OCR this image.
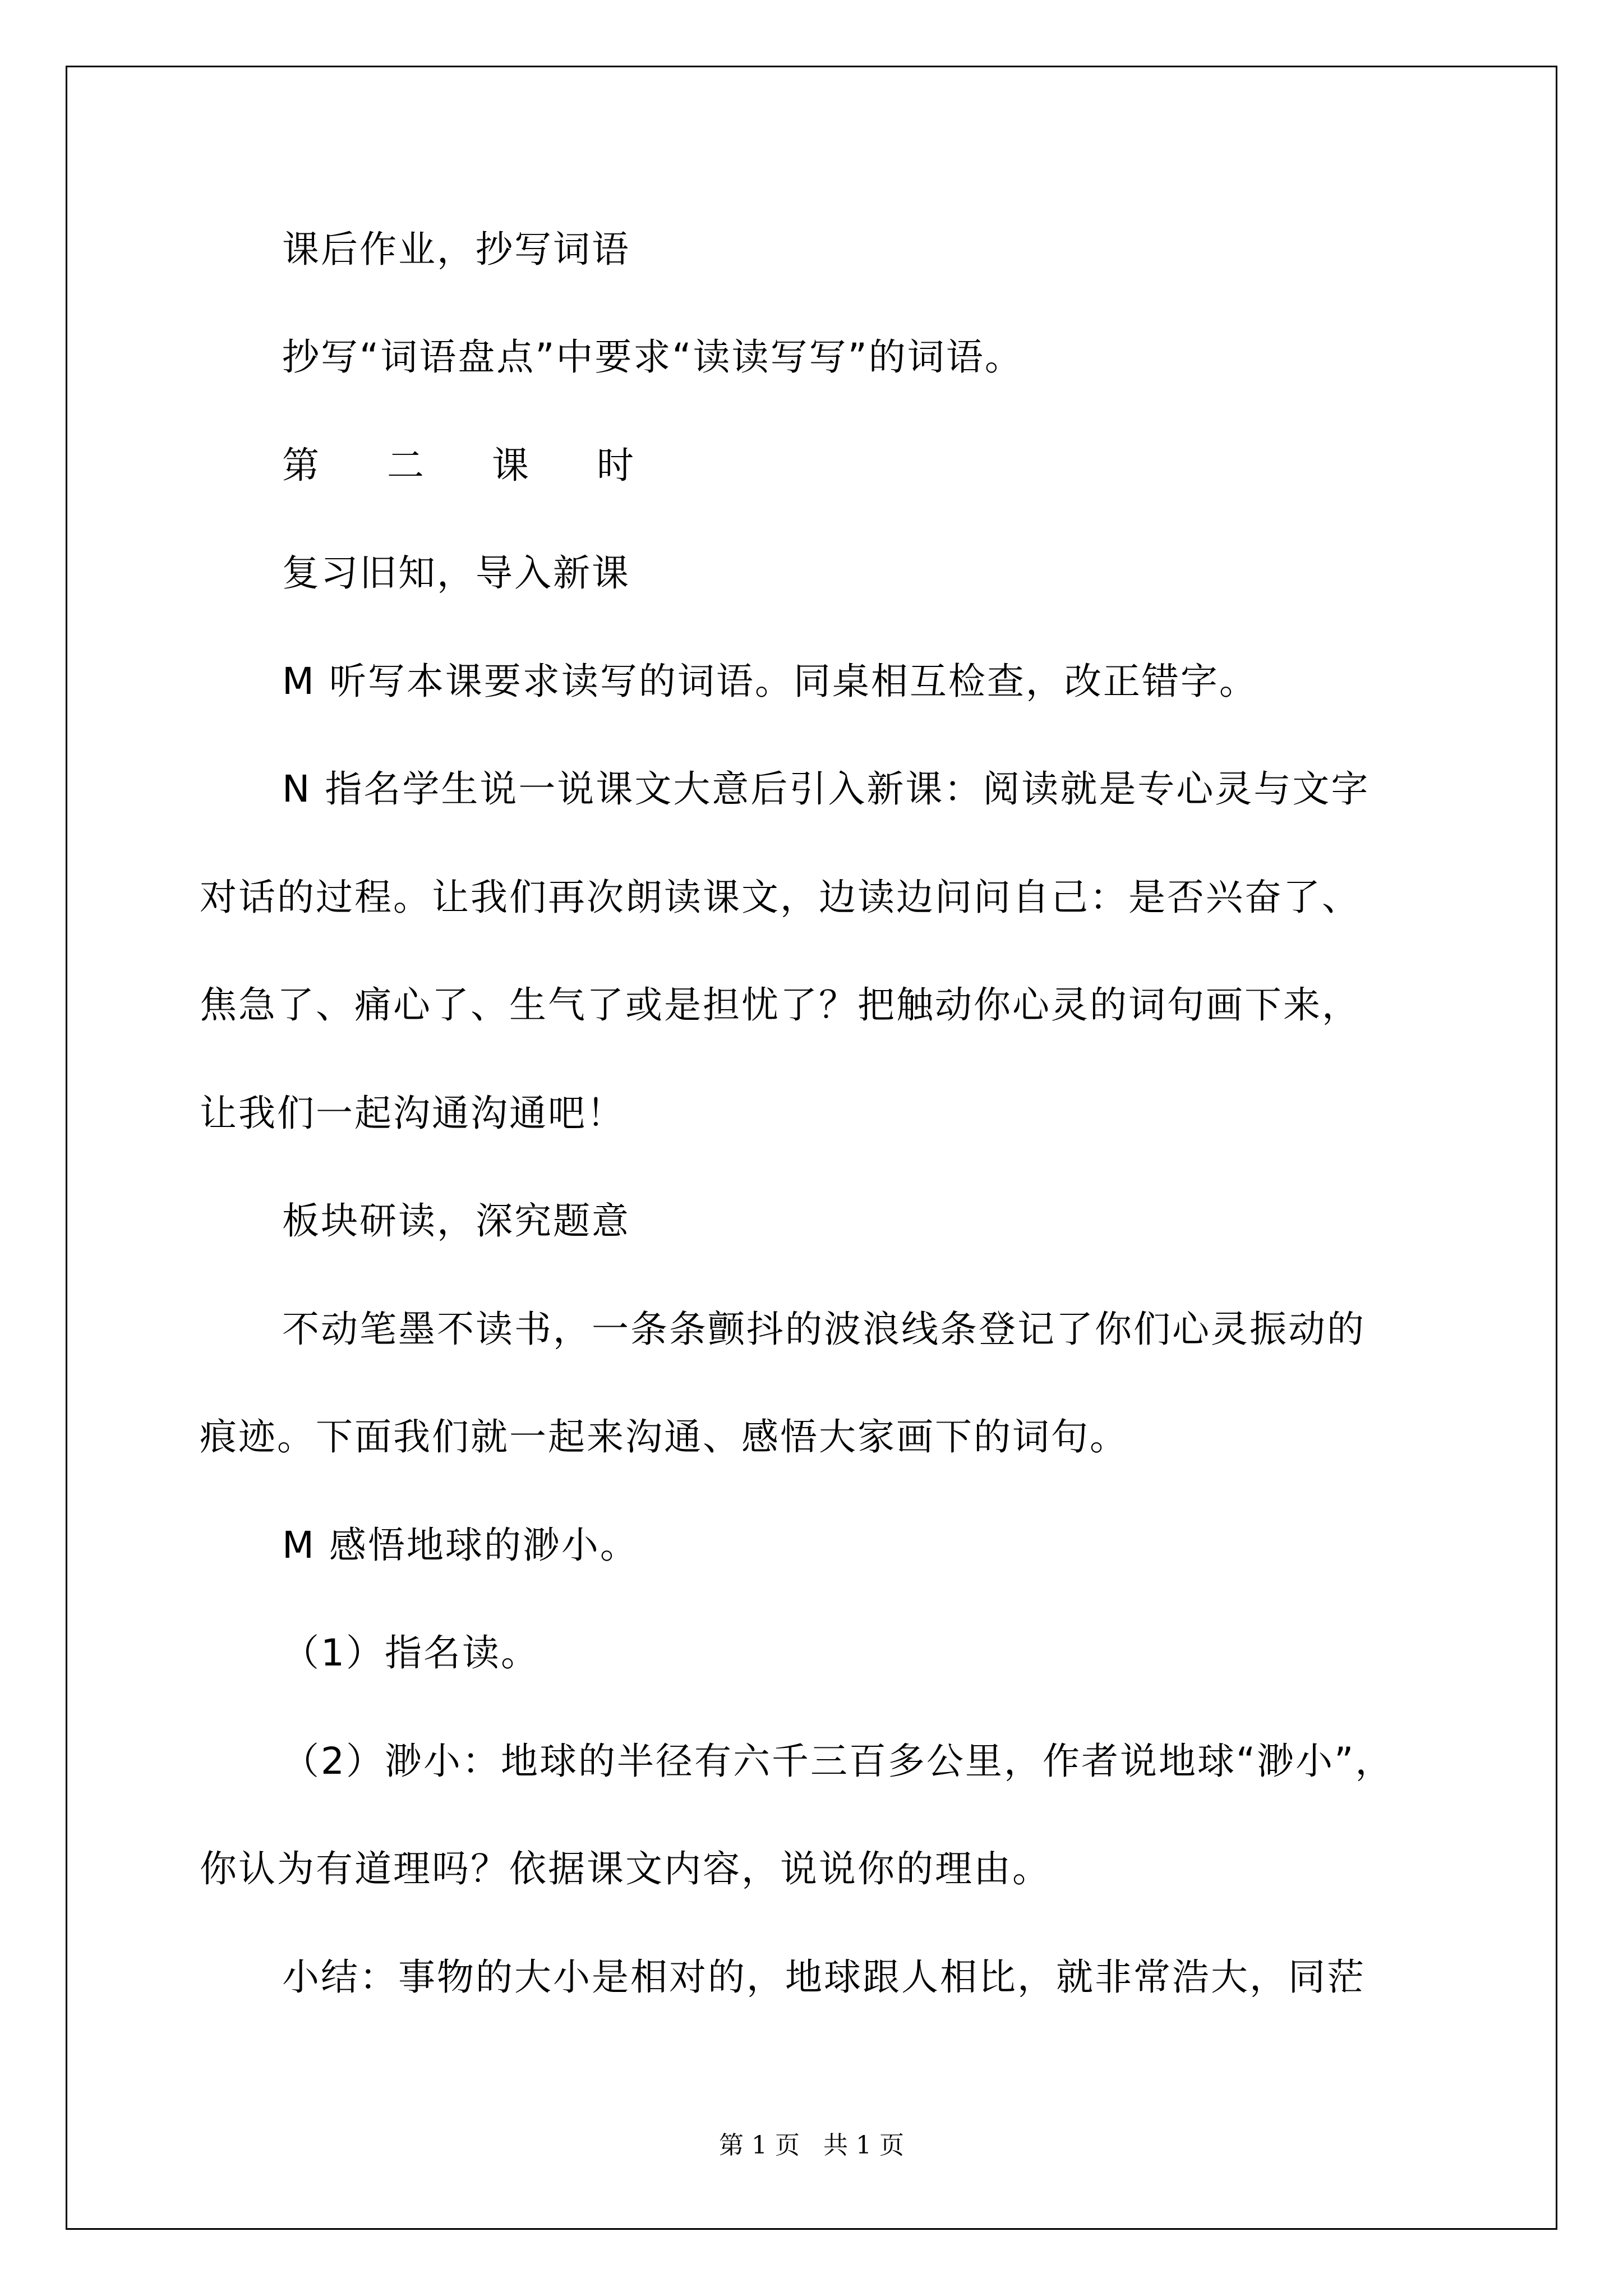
课后作业，抄写词语

抄写“词语盘点”中要求“读读写写”的词语。

第 二 课 时

复习旧知，导入新课

M 听写本课要求读写的词语。同桌相互检查，改正错字。

N 指名学生说一说课文大意后引入新课：阅读就是专心灵与文字

对话的过程。让我们再次朗读课文，边读边问问自己：是否兴奋了、

焦急了、痛心了、生气了或是担忧了？把触动你心灵的词句画下来，

让我们一起沟通沟通吧！

板块研读，深究题意

不动笔墨不读书，一条条颤抖的波浪线条登记了你们心灵振动的

痕迹。下面我们就一起来沟通、感悟大家画下的词句。

M 感悟地球的渺小。

（1）指名读。

（2）渺小：地球的半径有六千三百多公里，作者说地球“渺小”，

你认为有道理吗？依据课文内容，说说你的理由。

小结：事物的大小是相对的，地球跟人相比，就非常浩大，同茫

第 1 页   共 1 页
